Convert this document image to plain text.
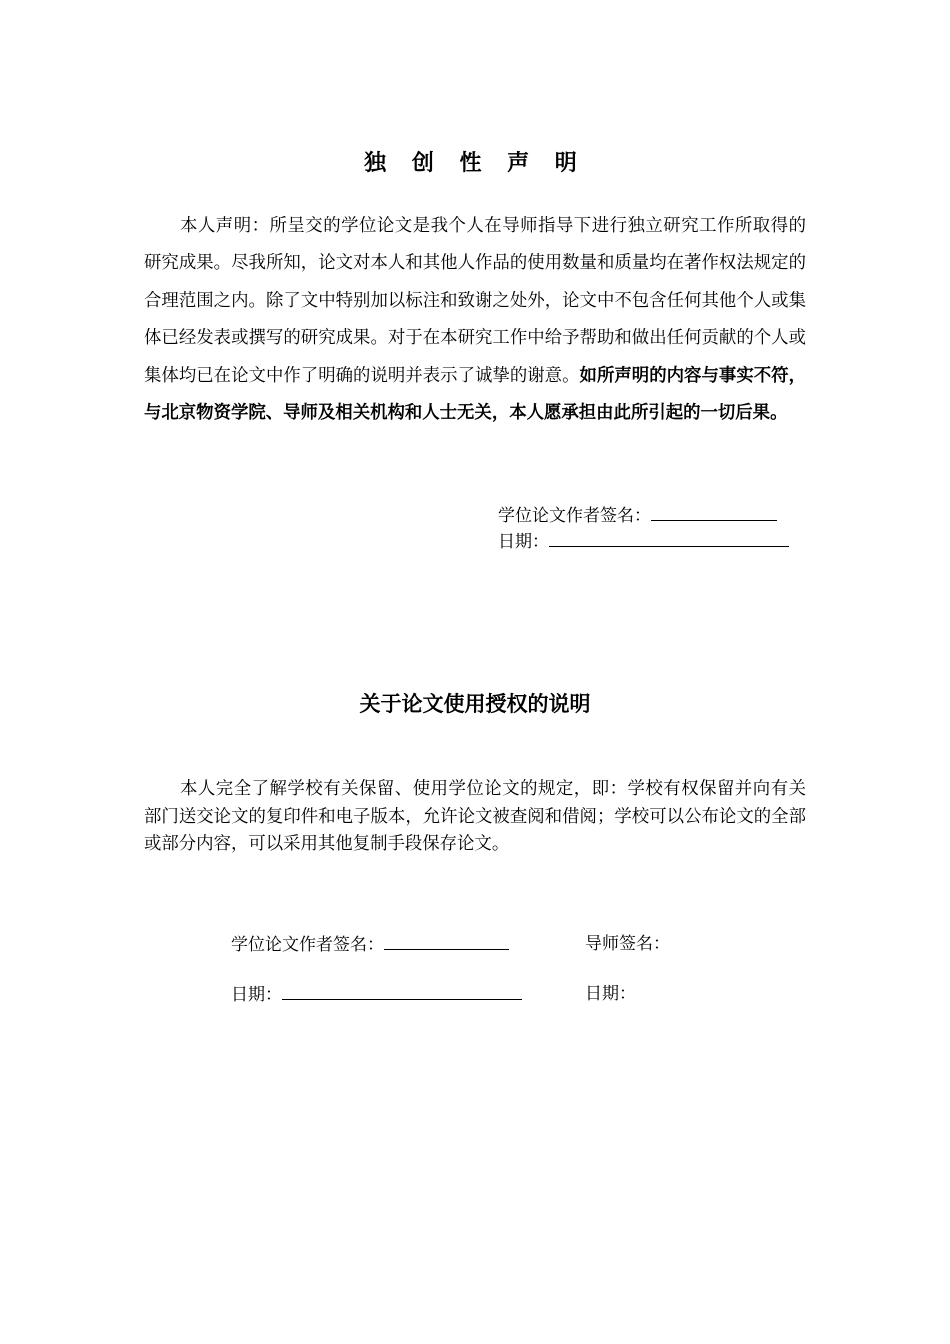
独 创 性 声 明

本人声明：所呈交的学位论文是我个人在导师指导下进行独立研究工作所取得的研究成果。尽我所知，论文对本人和其他人作品的使用数量和质量均在著作权法规定的合理范围之内。除了文中特别加以标注和致谢之处外，论文中不包含任何其他个人或集体已经发表或撰写的研究成果。对于在本研究工作中给予帮助和做出任何贡献的个人或集体均已在论文中作了明确的说明并表示了诚挚的谢意。如所声明的内容与事实不符，与北京物资学院、导师及相关机构和人士无关，本人愿承担由此所引起的一切后果。

学位论文作者签名：
日期：
关于论文使用授权的说明

本人完全了解学校有关保留、使用学位论文的规定，即：学校有权保留并向有关部门送交论文的复印件和电子版本，允许论文被查阅和借阅；学校可以公布论文的全部或部分内容，可以采用其他复制手段保存论文。

学位论文作者签名：	导师签名：
日期：	日期：
